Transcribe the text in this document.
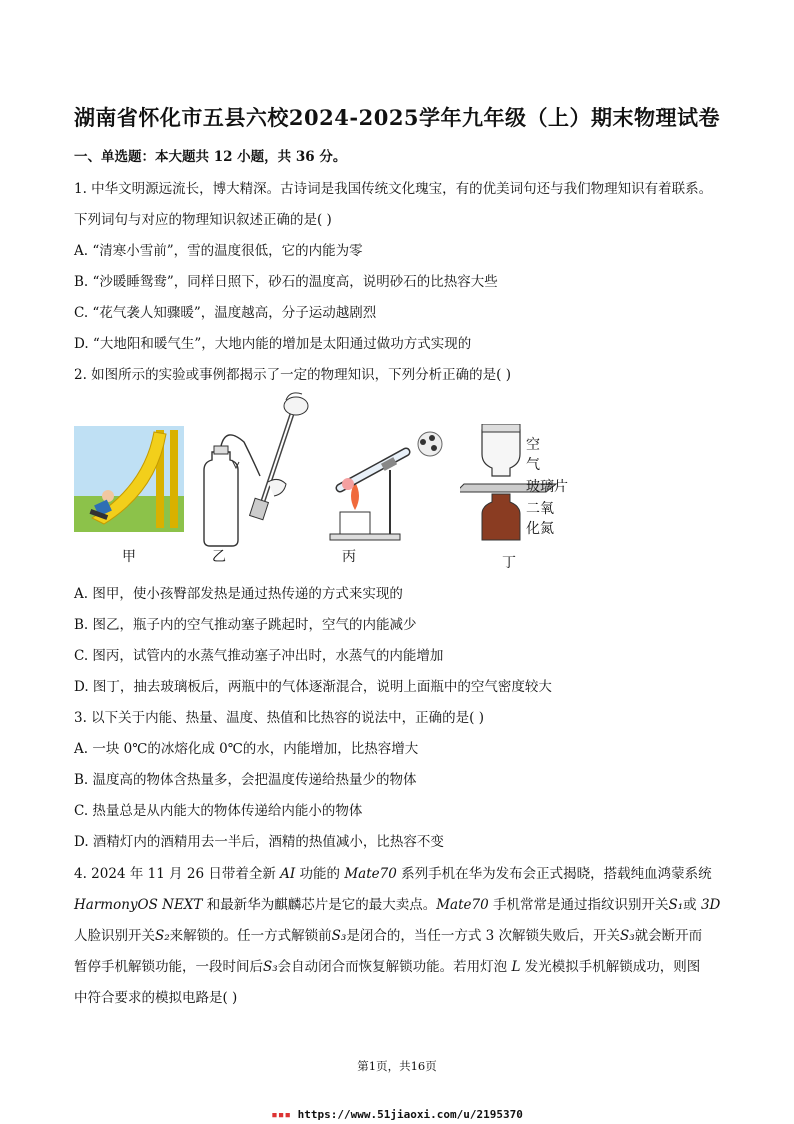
湖南省怀化市五县六校2024-2025学年九年级（上）期末物理试卷
一、单选题：本大题共 12 小题，共 36 分。
1. 中华文明源远流长，博大精深。古诗词是我国传统文化瑰宝，有的优美词句还与我们物理知识有着联系。
下列词句与对应的物理知识叙述正确的是( )
A. “清寒小雪前”，雪的温度很低，它的内能为零
B. “沙暖睡鸳鸯”，同样日照下，砂石的温度高，说明砂石的比热容大些
C. “花气袭人知骤暖”，温度越高，分子运动越剧烈
D. “大地阳和暖气生”，大地内能的增加是太阳通过做功方式实现的
2. 如图所示的实验或事例都揭示了一定的物理知识，下列分析正确的是( )
甲	乙	丙
空
气
玻璃片
二氧
化氮
丁
A. 图甲，使小孩臀部发热是通过热传递的方式来实现的
B. 图乙，瓶子内的空气推动塞子跳起时，空气的内能减少
C. 图丙，试管内的水蒸气推动塞子冲出时，水蒸气的内能增加
D. 图丁，抽去玻璃板后，两瓶中的气体逐渐混合，说明上面瓶中的空气密度较大
3. 以下关于内能、热量、温度、热值和比热容的说法中，正确的是( )
A. 一块 0℃的冰熔化成 0℃的水，内能增加，比热容增大
B. 温度高的物体含热量多，会把温度传递给热量少的物体
C. 热量总是从内能大的物体传递给内能小的物体
D. 酒精灯内的酒精用去一半后，酒精的热值减小，比热容不变
4. 2024 年 11 月 26 日带着全新 AI 功能的 Mate70 系列手机在华为发布会正式揭晓，搭载纯血鸿蒙系统
HarmonyOS NEXT 和最新华为麒麟芯片是它的最大卖点。Mate70 手机常常是通过指纹识别开关S₁或 3D
人脸识别开关S₂来解锁的。任一方式解锁前S₃是闭合的，当任一方式 3 次解锁失败后，开关S₃就会断开而
暂停手机解锁功能，一段时间后S₃会自动闭合而恢复解锁功能。若用灯泡 L 发光模拟手机解锁成功，则图
中符合要求的模拟电路是( )
第1页，共16页
▪▪▪ https://www.51jiaoxi.com/u/2195370
